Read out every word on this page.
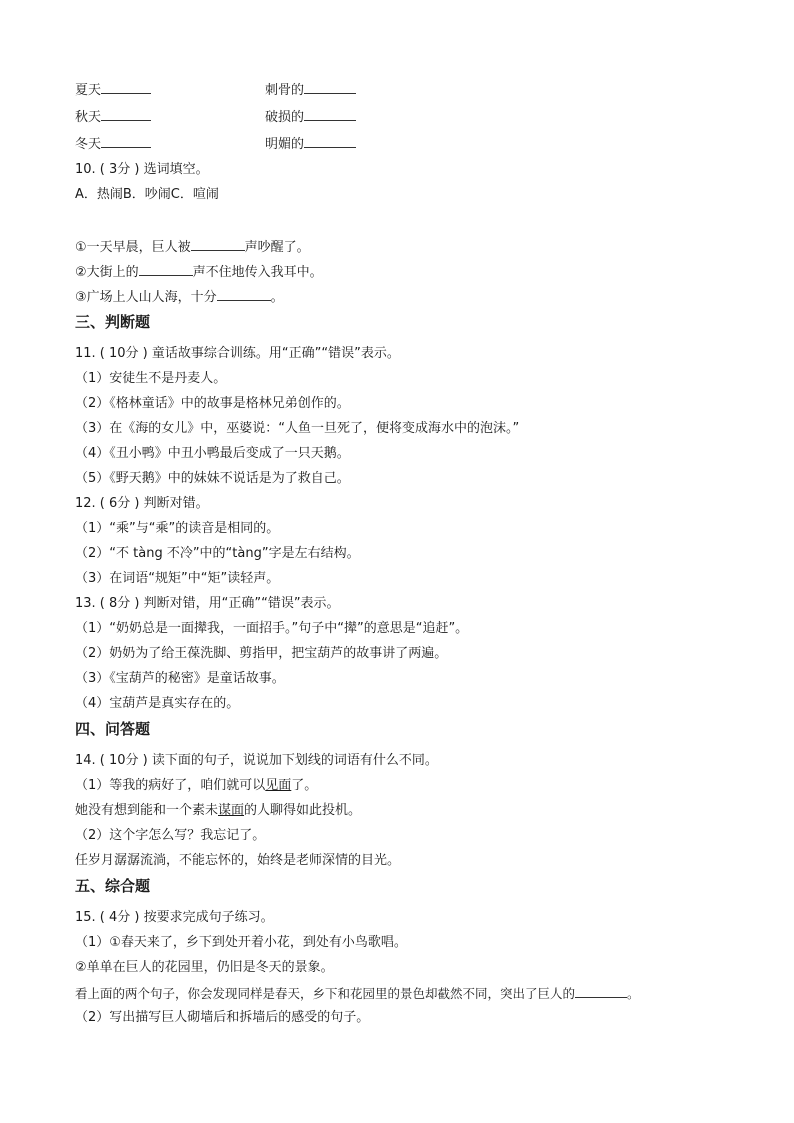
夏天	刺骨的
秋天	破损的
冬天	明媚的
10. ( 3分 ) 选词填空。
A．热闹B．吵闹C．喧闹
①一天早晨，巨人被	声吵醒了。
②大街上的	声不住地传入我耳中。
③广场上人山人海，十分	。
三、判断题
11. ( 10分 ) 童话故事综合训练。用“正确”“错误”表示。
（1）安徒生不是丹麦人。
（2）《格林童话》中的故事是格林兄弟创作的。
（3）在《海的女儿》中，巫婆说：“人鱼一旦死了，便将变成海水中的泡沫。”
（4）《丑小鸭》中丑小鸭最后变成了一只天鹅。
（5）《野天鹅》中的妹妹不说话是为了救自己。
12. ( 6分 ) 判断对错。
（1）“乘”与“乘”的读音是相同的。
（2）“不 tàng 不冷”中的“tàng”字是左右结构。
（3）在词语“规矩”中“矩”读轻声。
13. ( 8分 ) 判断对错，用“正确”“错误”表示。
（1）“奶奶总是一面撵我，一面招手。”句子中“撵”的意思是“追赶”。
（2）奶奶为了给王葆洗脚、剪指甲，把宝葫芦的故事讲了两遍。
（3）《宝葫芦的秘密》是童话故事。
（4）宝葫芦是真实存在的。
四、问答题
14. ( 10分 ) 读下面的句子，说说加下划线的词语有什么不同。
（1）等我的病好了，咱们就可以见面了。
她没有想到能和一个素未谋面的人聊得如此投机。
（2）这个字怎么写？我忘记了。
任岁月潺潺流淌，不能忘怀的，始终是老师深情的目光。
五、综合题
15. ( 4分 ) 按要求完成句子练习。
（1）①春天来了，乡下到处开着小花，到处有小鸟歌唱。
②单单在巨人的花园里，仍旧是冬天的景象。
看上面的两个句子，你会发现同样是春天，乡下和花园里的景色却截然不同，突出了巨人的	。
（2）写出描写巨人砌墙后和拆墙后的感受的句子。
